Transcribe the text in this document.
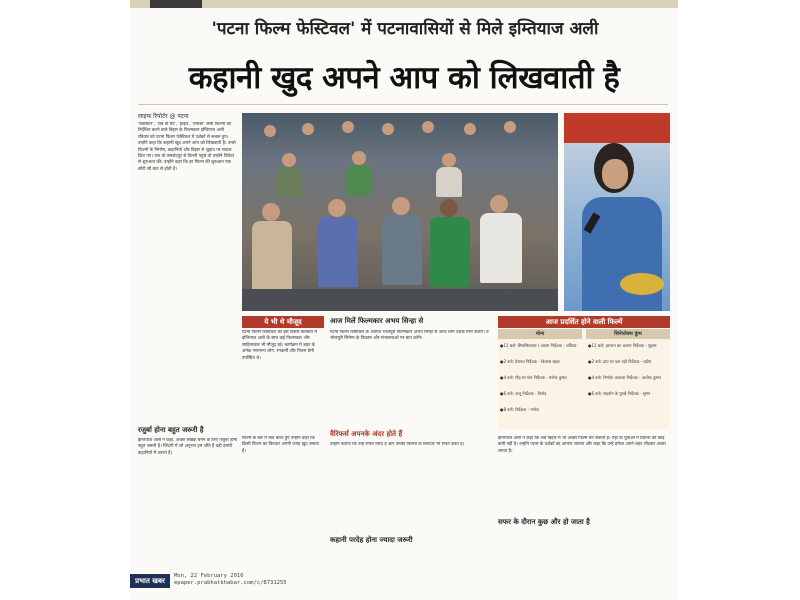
'पटना फिल्म फेस्टिवल' में पटनावासियों से मिले इम्तियाज अली
कहानी खुद अपने आप को लिखवाती है
लाइफ रिपोर्टर @ पटना

'रॉकस्टार', 'जब वी मेट', 'हाइवे', 'तमाशा' जैसी फिल्मों को निर्देशित करने वाले बिहार के फिल्मकार इम्तियाज अली रविवार को पटना फिल्म फेस्टिवल में दर्शकों से रूबरू हुए। उन्होंने कहा कि कहानी खुद अपने आप को लिखवाती है। उनसे फिल्मों के निर्माण, कहानियों और बिहार से जुड़ाव पर सवाल किए गए। जब वो जमशेदपुर से दिल्ली पहुंचे तो उन्होंने थियेटर से शुरुआत की। उन्होंने कहा कि हर फिल्म की शुरुआत एक छोटी सी बात से होती है।

कुहूकेसि संवादकार हमेशा के रूप में भी अपनी लोकतान्त्रिक बात रखते इम्तियाज अली
ये भी थे मौजूद

पटना फिल्म फेस्टिवल की इस विशेष बातचीत में इम्तियाज अली के साथ कई फिल्मकार और साहित्यकार भी मौजूद रहे। कार्यक्रम में शहर के अनेक गणमान्य लोग, रंगकर्मी और फिल्म प्रेमी उपस्थित थे।

आज मिलें फिल्मकार अभय सिन्हा से

पटना फिल्म फेस्टिवल के अंतर्गत भोजपुरी फिल्मकार अभय सिन्हा से आज शाम दर्शक मिल सकेंगे। वे भोजपुरी सिनेमा के विकास और संभावनाओं पर बात करेंगे।

आज प्रदर्शित होने वाली फिल्में
मोना	सिनेप्लेक्स कुंभ
●11 बजे: सिलसिलावार / आवरा निर्देशक - शशिका
●2 बजे: प्रेमपथ निर्देशक - विकास बहल
●4 बजे: गौड़ सा गांव निर्देशक - मनोज कुमार
●6 बजे: अंजू निर्देशक - विनोद
●8 बजे: निर्देशक - मनोज
●11 बजे: इरफान का अलमा निर्देशक - सुहास
●2 बजे: दाएं पर चल पड़ी निर्देशक - प्रदीप
●4 बजे: निर्माता आकाश निर्देशक - अशोक कुमार
●6 बजे: सहयोग के पुरखे निर्देशक - सुमन
रजुर्बा होना बहुत जरूरी है

इम्तियाज अली ने कहा, अच्छा लेखक बनने के लिए तजुर्बा होना बहुत जरूरी है। जिंदगी में जो अनुभव हम जीते हैं वही हमारी कहानियों में उतरते हैं।

फिल्म के बारे में बात करते हुए उन्होंने कहा कि किसी फिल्म का किरदार अपनी जगह खुद बनाता है।

वैरिफर्स अपनके अंदर होते हैं

उन्होंने बताया कि उन्हें सफर पसंद है और उनकी फिल्मों के किरदार भी सफर करते हैं।

कहानी परदेह होना ज्यादा जरूरी

इम्तियाज अली ने कहा कि अब बिहार में भी अच्छी फिल्में बन सकती हैं। यहां के युवाओं में प्रतिभा की कोई कमी नहीं है। उन्होंने पटना के दर्शकों का आभार जताया और कहा कि उन्हें हमेशा अपने शहर लौटकर अच्छा लगता है।

सफर के दौरान कुछ और हो जाता है
प्रभात खबर
Mon, 22 February 2016
epaper.prabhatkhabar.com/c/8731255
